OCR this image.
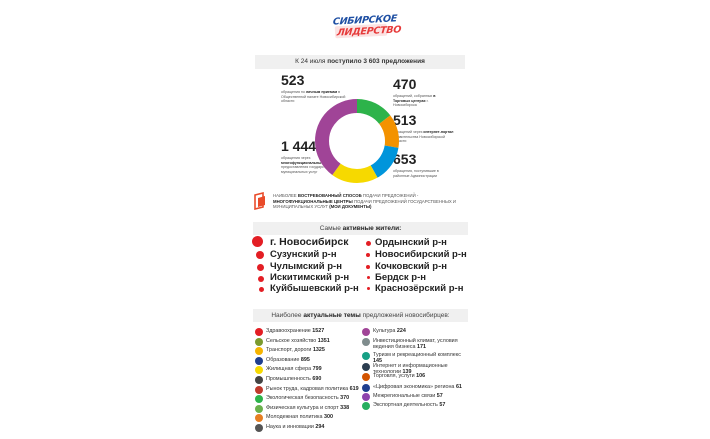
СИБИРСКОЕ
ЛИДЕРСТВО
К 24 июля поступило 3 603 предложения
523
обращения по личным приемам в Общественной палате Новосибирской области
1 444
обращения через многофункциональные центры предоставления государственных и муниципальных услуг
470
обращений, собранных в Торговых центрах г. Новосибирска
513
обращений через интернет-портал Правительства Новосибирской области
653
обращения, поступившие в районные Администрации
НАИБОЛЕЕ ВОСТРЕБОВАННЫЙ СПОСОБ ПОДАЧИ ПРЕДЛОЖЕНИЙ - МНОГОФУНКЦИОНАЛЬНЫЕ ЦЕНТРЫ ПОДАЧИ ПРЕДЛОЖЕНИЙ ГОСУДАРСТВЕННЫХ И МУНИЦИПАЛЬНЫХ УСЛУГ (МОИ ДОКУМЕНТЫ)
Самые активные жители:
г. Новосибирск
Сузунский р-н
Чулымский р-н
Искитимский р-н
Куйбышевский р-н
Ордынский р-н
Новосибирский р-н
Кочковский р-н
Бердск р-н
Краснозёрский р-н
Наиболее актуальные темы предложений новосибирцев:
Здравоохранение 1527
Сельское хозяйство 1351
Транспорт, дороги 1325
Образование 895
Жилищная сфера 799
Промышленность 690
Рынок труда, кадровая политика 619
Экологическая безопасность 370
Физическая культура и спорт 338
Молодежная политика 300
Наука и инновации 294
Культура 224
Инвестиционный климат, условия ведения бизнеса 171
Туризм и рекреационный комплекс 145
Интернет и информационные технологии 139
Торговля, услуги 106
«Цифровая экономика» региона 61
Межрегиональные связи 57
Экспортная деятельность 57
